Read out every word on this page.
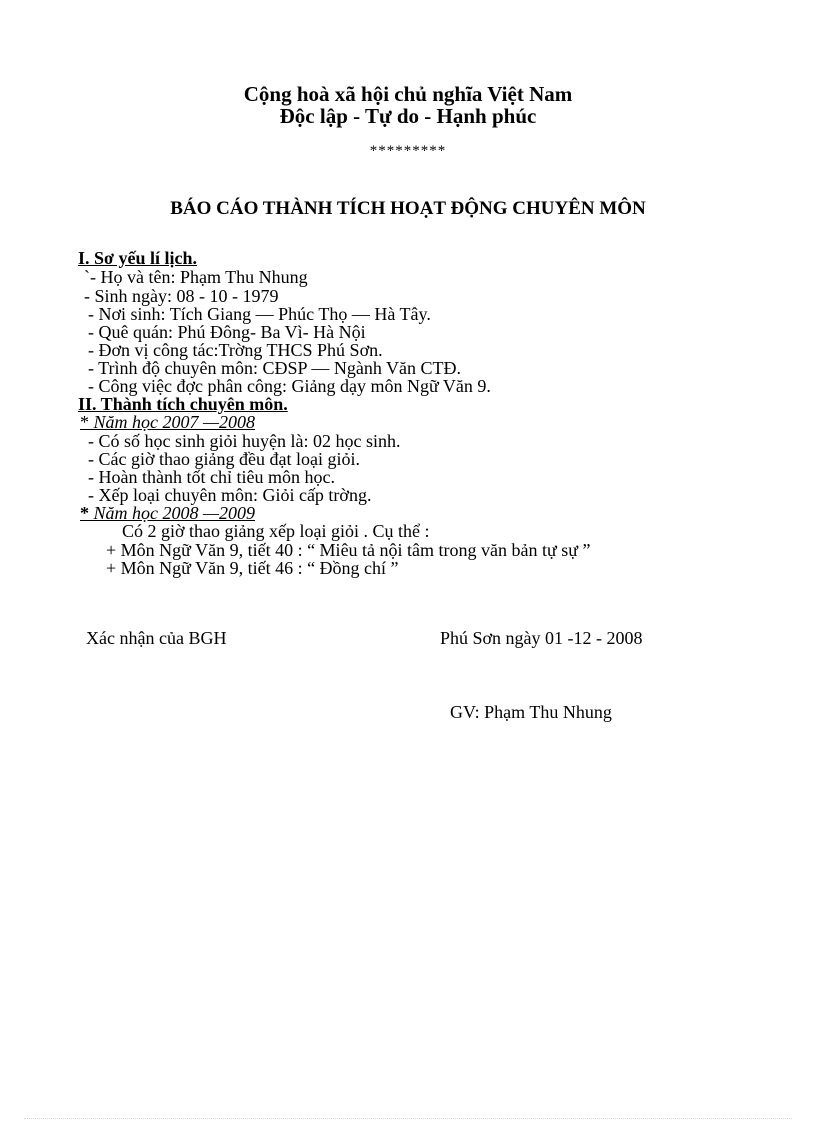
Cộng hoà xã hội chủ nghĩa Việt Nam
Độc lập - Tự do - Hạnh phúc
*********
BÁO CÁO THÀNH TÍCH HOẠT ĐỘNG CHUYÊN MÔN
I. Sơ yếu lí lịch.
`- Họ và tên: Phạm Thu Nhung
- Sinh ngày: 08 - 10 - 1979
- Nơi sinh: Tích Giang — Phúc Thọ — Hà Tây.
- Quê quán: Phú Đông- Ba Vì- Hà Nội
- Đơn vị công tác:Trờng THCS Phú Sơn.
- Trình độ chuyên môn: CĐSP — Ngành Văn CTĐ.
- Công việc đợc phân công: Giảng dạy môn Ngữ Văn 9.
II. Thành tích chuyên môn.
* Năm học 2007 —2008
- Có số học sinh giỏi huyện là: 02 học sinh.
- Các giờ thao giảng đều đạt loại giỏi.
- Hoàn thành tốt chỉ tiêu môn học.
- Xếp loại chuyên môn: Giỏi cấp trờng.
* Năm học 2008 —2009
Có 2 giờ thao giảng xếp loại giỏi . Cụ thể :
+ Môn Ngữ Văn 9, tiết 40 : “ Miêu tả nội tâm trong văn bản tự sự ”
+ Môn Ngữ Văn 9, tiết 46 : “ Đồng chí ”
Xác nhận của BGH	Phú Sơn ngày 01 -12 - 2008
GV: Phạm Thu Nhung
